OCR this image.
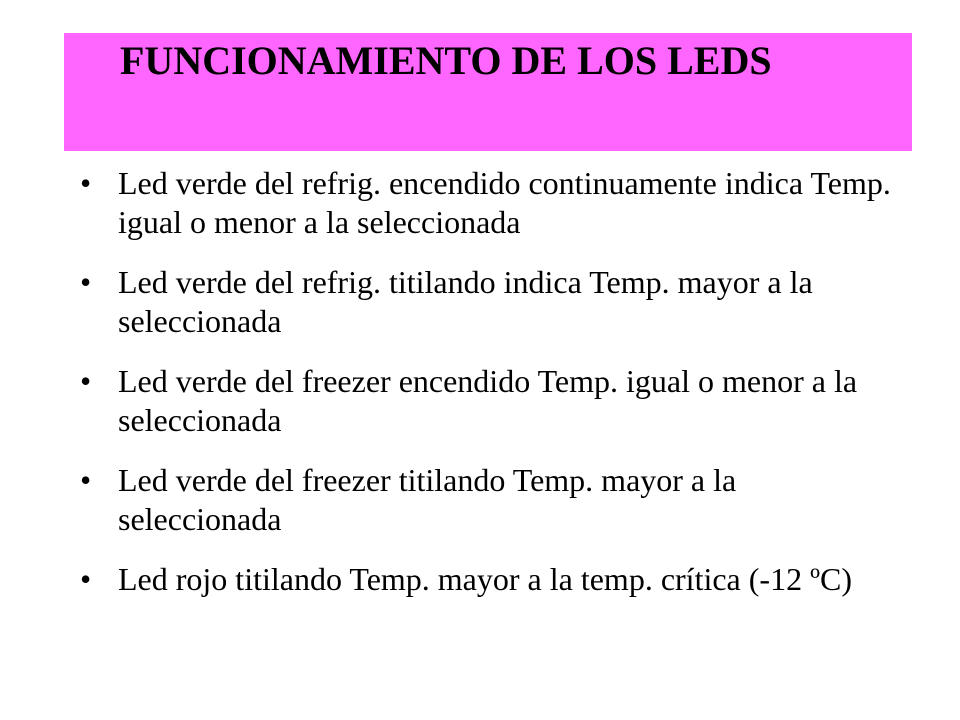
FUNCIONAMIENTO DE LOS LEDS
• Led verde del refrig. encendido continuamente indica Temp. igual o menor a la seleccionada
• Led verde del refrig. titilando indica Temp. mayor a la seleccionada
• Led verde del freezer encendido Temp. igual o menor a la seleccionada
• Led verde del freezer titilando Temp. mayor a la seleccionada
• Led rojo titilando Temp. mayor a la temp. crítica (-12 ºC)
